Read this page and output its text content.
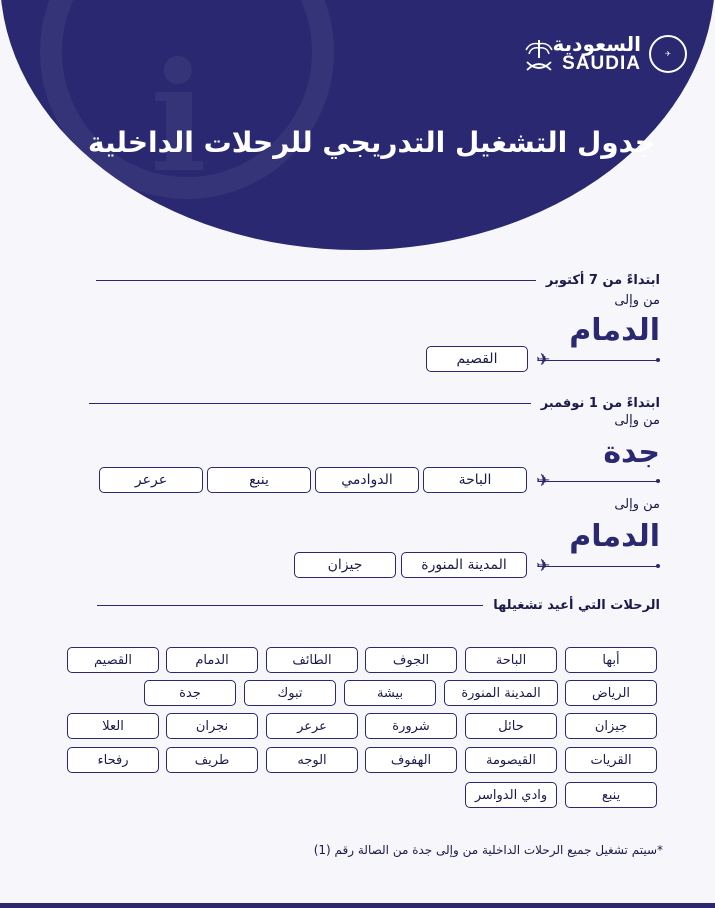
i	السعودية
SAUDIA	✈
جدول التشغيل التدريجي للرحلات الداخلية
ابتداءً من 7 أكتوبر
من وإلى
الدمام
✈
القصيم
ابتداءً من 1 نوفمبر
من وإلى
جدة
✈
الباحة
الدوادمي
ينبع
عرعر
من وإلى
الدمام
✈
المدينة المنورة
جيزان
الرحلات التي أعيد تشغيلها
أبها
الباحة
الجوف
الطائف
الدمام
القصيم
الرياض
المدينة المنورة
بيشة
تبوك
جدة
جيزان
حائل
شرورة
عرعر
نجران
العلا
القريات
القيصومة
الهفوف
الوجه
طريف
رفحاء
ينبع
وادي الدواسر
*سيتم تشغيل جميع الرحلات الداخلية من وإلى جدة من الصالة رقم (1)
